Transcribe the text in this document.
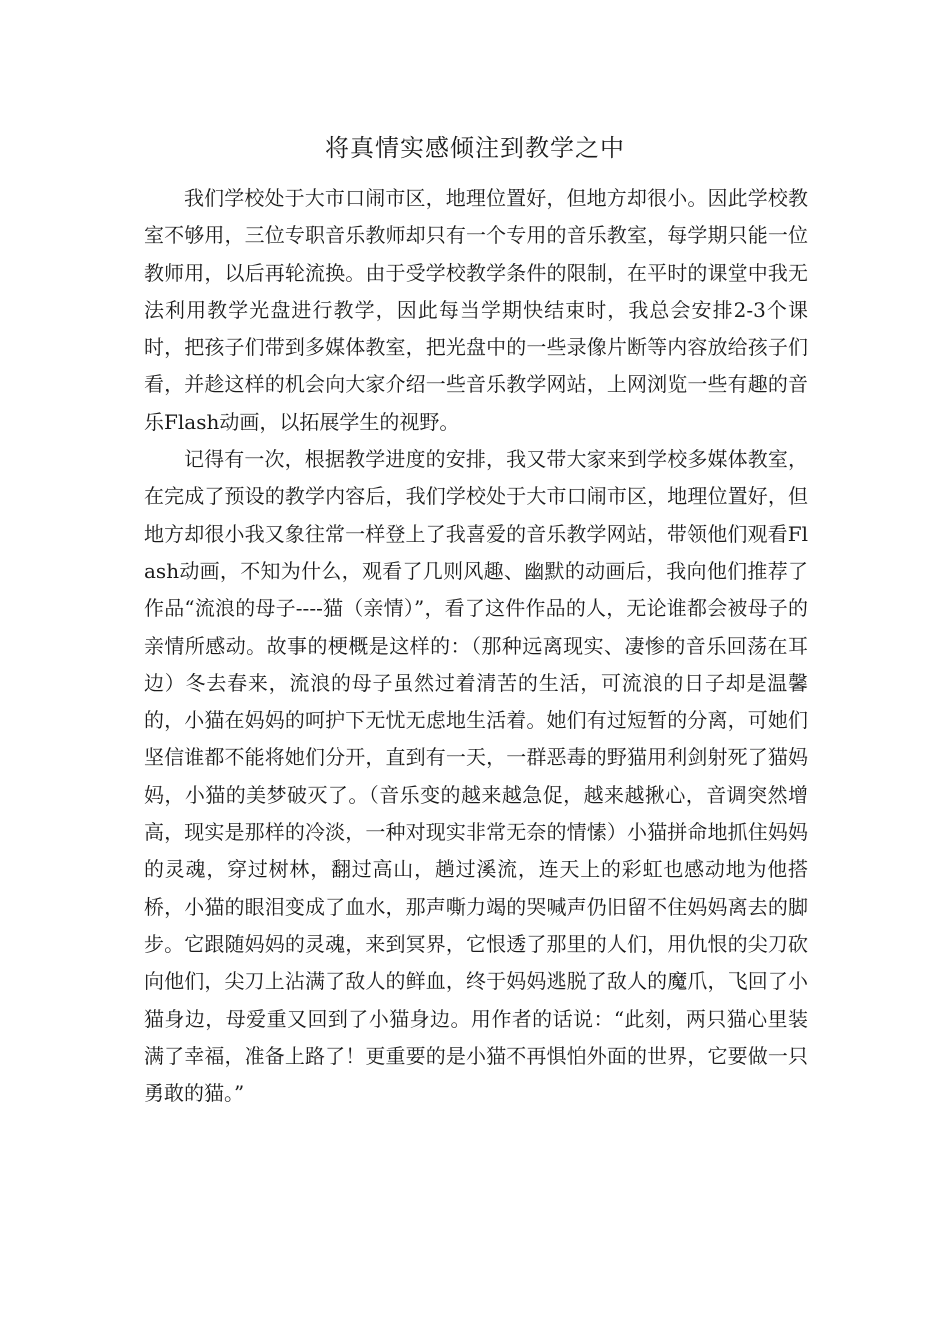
将真情实感倾注到教学之中

我们学校处于大市口闹市区，地理位置好，但地方却很小。因此学校教室不够用，三位专职音乐教师却只有一个专用的音乐教室，每学期只能一位教师用，以后再轮流换。由于受学校教学条件的限制，在平时的课堂中我无法利用教学光盘进行教学，因此每当学期快结束时，我总会安排2-3个课时，把孩子们带到多媒体教室，把光盘中的一些录像片断等内容放给孩子们看，并趁这样的机会向大家介绍一些音乐教学网站，上网浏览一些有趣的音乐Flash动画，以拓展学生的视野。

记得有一次，根据教学进度的安排，我又带大家来到学校多媒体教室，在完成了预设的教学内容后，我们学校处于大市口闹市区，地理位置好，但地方却很小我又象往常一样登上了我喜爱的音乐教学网站，带领他们观看Flash动画，不知为什么，观看了几则风趣、幽默的动画后，我向他们推荐了作品“流浪的母子----猫（亲情）”，看了这件作品的人，无论谁都会被母子的亲情所感动。故事的梗概是这样的：（那种远离现实、凄惨的音乐回荡在耳边）冬去春来，流浪的母子虽然过着清苦的生活，可流浪的日子却是温馨的，小猫在妈妈的呵护下无忧无虑地生活着。她们有过短暂的分离，可她们坚信谁都不能将她们分开，直到有一天，一群恶毒的野猫用利剑射死了猫妈妈，小猫的美梦破灭了。（音乐变的越来越急促，越来越揪心，音调突然增高，现实是那样的冷淡，一种对现实非常无奈的情愫）小猫拼命地抓住妈妈的灵魂，穿过树林，翻过高山，趟过溪流，连天上的彩虹也感动地为他搭桥，小猫的眼泪变成了血水，那声嘶力竭的哭喊声仍旧留不住妈妈离去的脚步。它跟随妈妈的灵魂，来到冥界，它恨透了那里的人们，用仇恨的尖刀砍向他们，尖刀上沾满了敌人的鲜血，终于妈妈逃脱了敌人的魔爪，飞回了小猫身边，母爱重又回到了小猫身边。用作者的话说：“此刻，两只猫心里装满了幸福，准备上路了！更重要的是小猫不再惧怕外面的世界，它要做一只勇敢的猫。”
